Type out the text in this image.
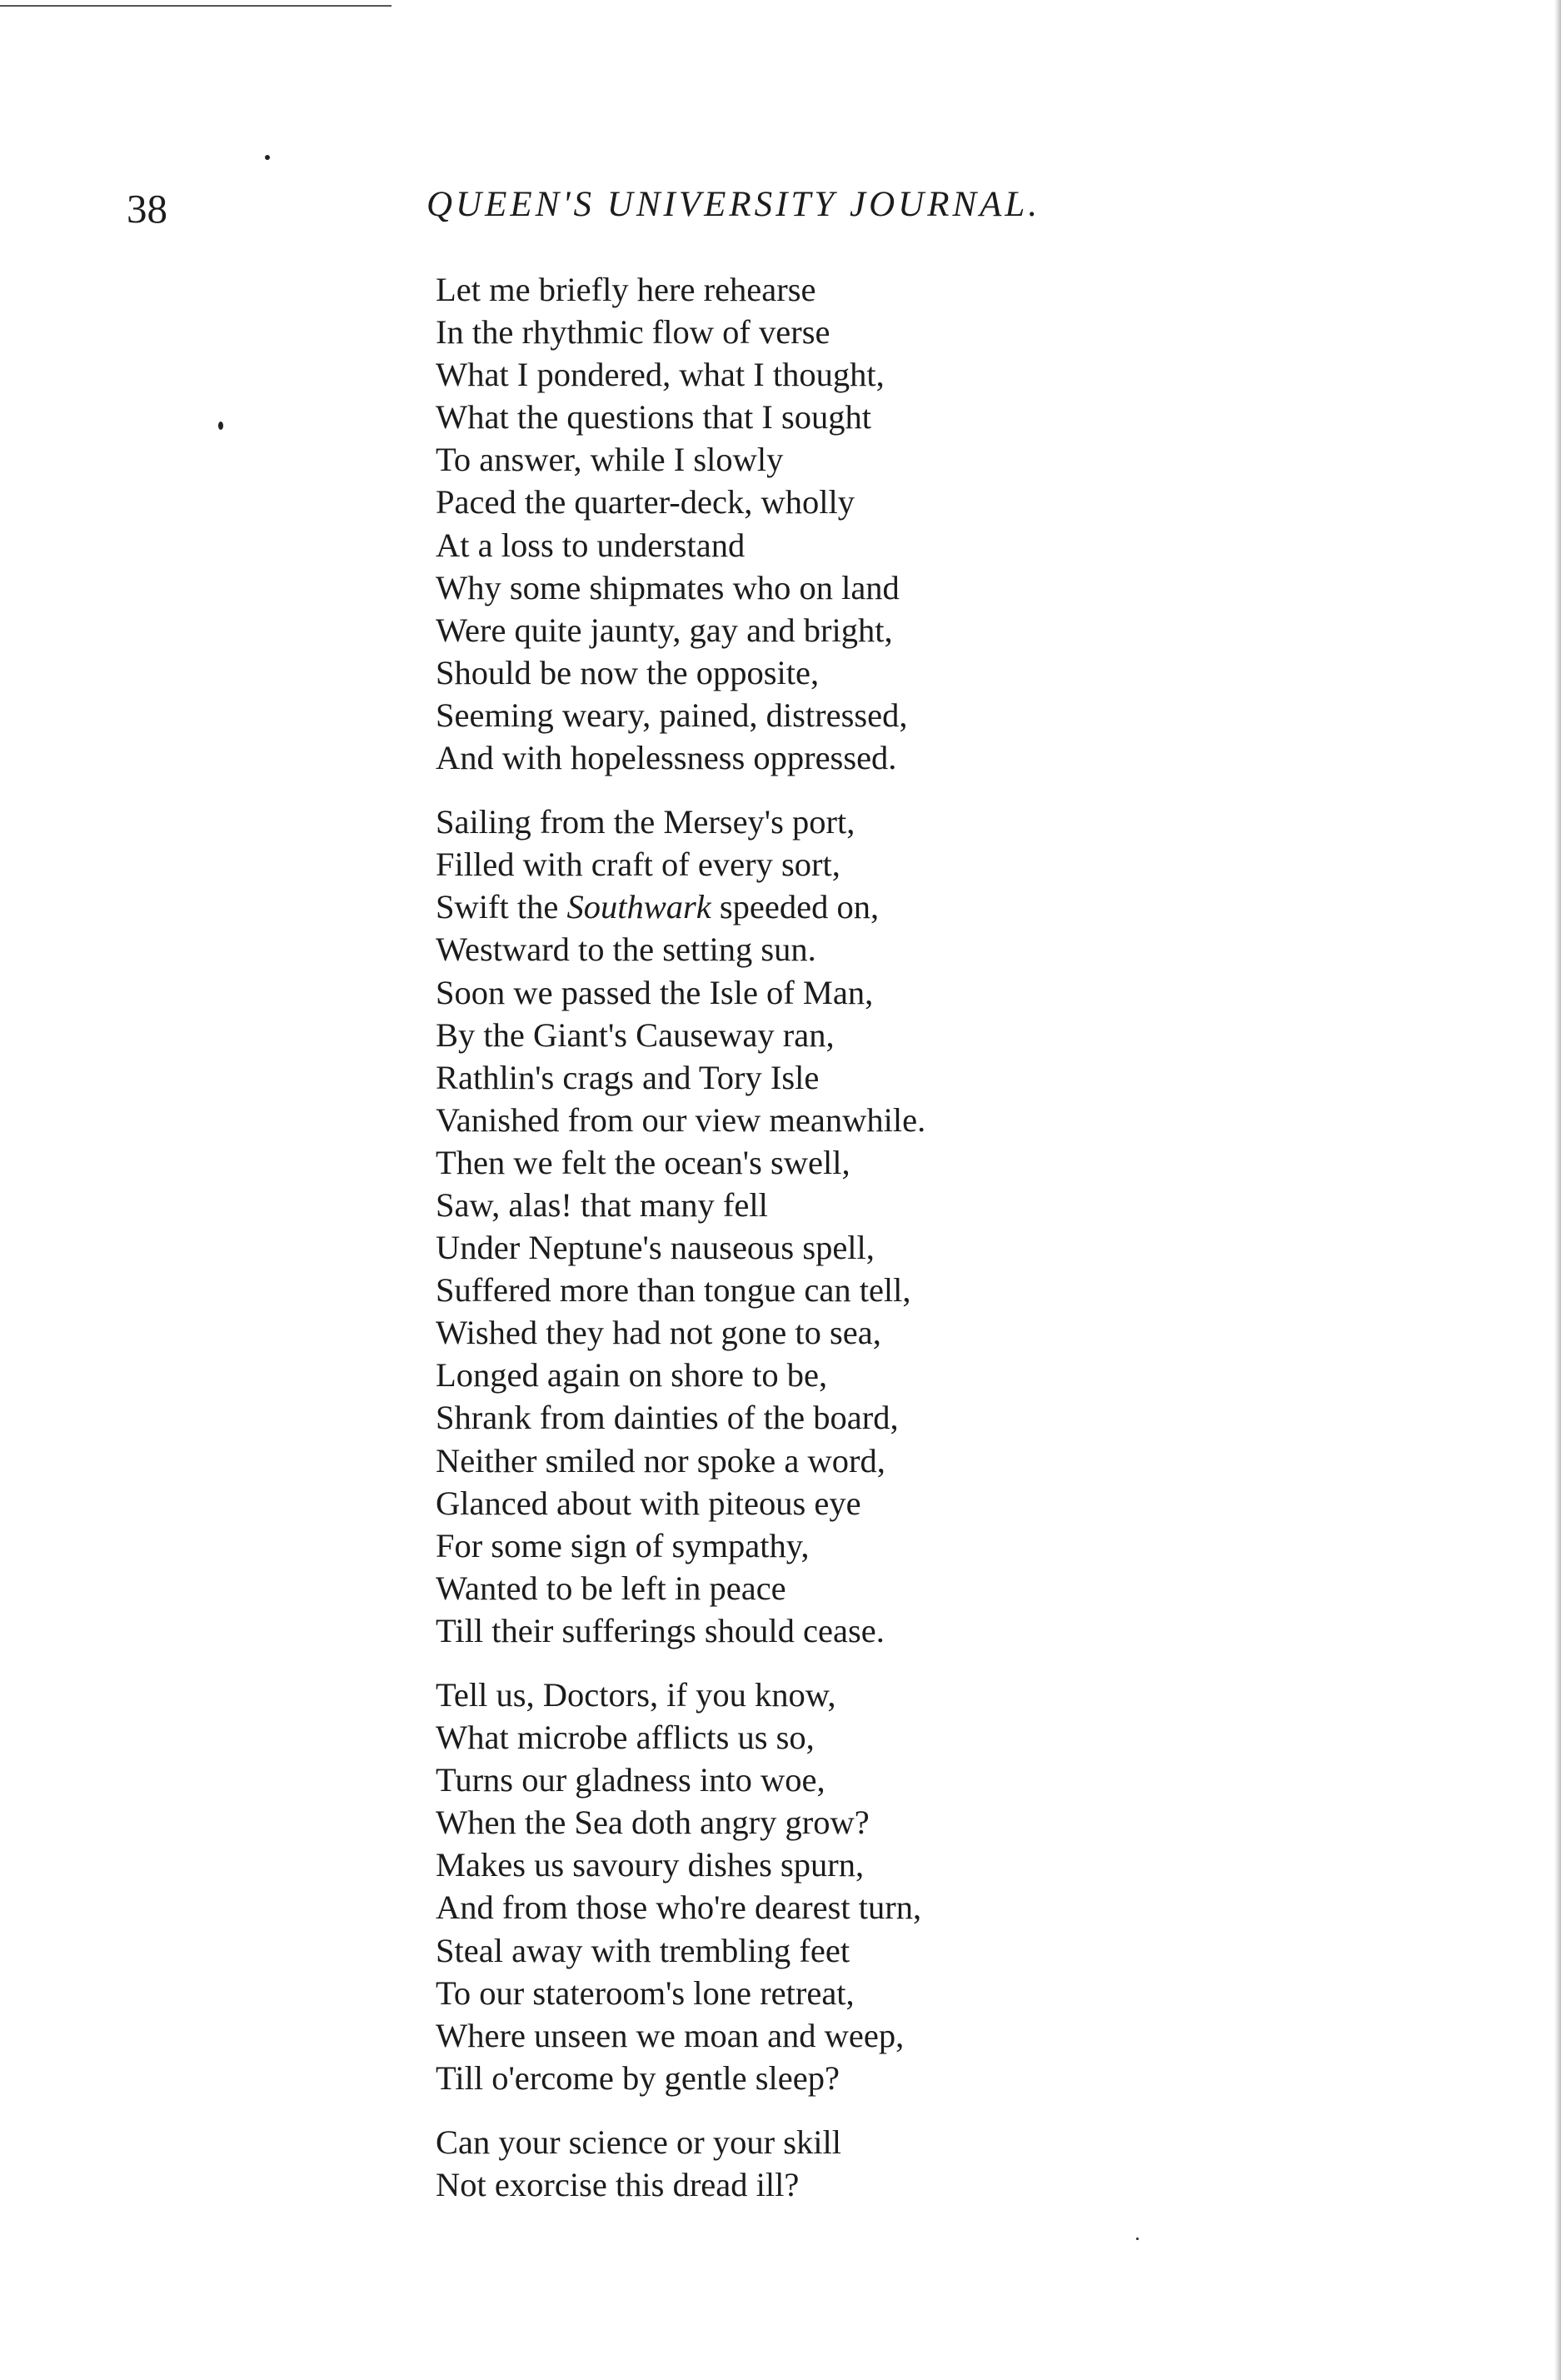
38	QUEEN'S UNIVERSITY JOURNAL.
Let me briefly here rehearse
In the rhythmic flow of verse
What I pondered, what I thought,
What the questions that I sought
To answer, while I slowly
Paced the quarter-deck, wholly
At a loss to understand
Why some shipmates who on land
Were quite jaunty, gay and bright,
Should be now the opposite,
Seeming weary, pained, distressed,
And with hopelessness oppressed.
Sailing from the Mersey's port,
Filled with craft of every sort,
Swift the Southwark speeded on,
Westward to the setting sun.
Soon we passed the Isle of Man,
By the Giant's Causeway ran,
Rathlin's crags and Tory Isle
Vanished from our view meanwhile.
Then we felt the ocean's swell,
Saw, alas! that many fell
Under Neptune's nauseous spell,
Suffered more than tongue can tell,
Wished they had not gone to sea,
Longed again on shore to be,
Shrank from dainties of the board,
Neither smiled nor spoke a word,
Glanced about with piteous eye
For some sign of sympathy,
Wanted to be left in peace
Till their sufferings should cease.
Tell us, Doctors, if you know,
What microbe afflicts us so,
Turns our gladness into woe,
When the Sea doth angry grow?
Makes us savoury dishes spurn,
And from those who're dearest turn,
Steal away with trembling feet
To our stateroom's lone retreat,
Where unseen we moan and weep,
Till o'ercome by gentle sleep?
Can your science or your skill
Not exorcise this dread ill?
